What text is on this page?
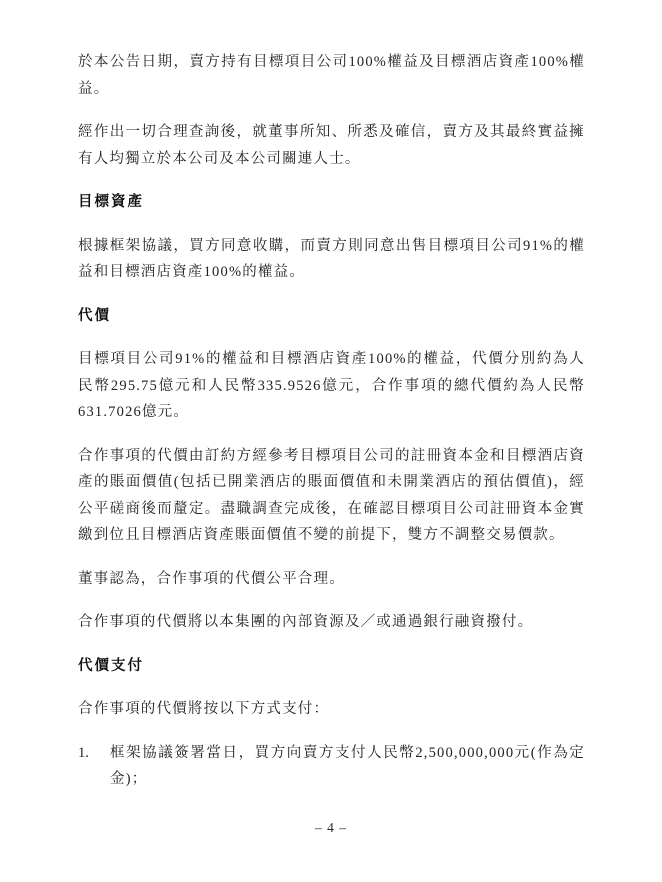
於本公告日期，賣方持有目標項目公司100%權益及目標酒店資產100%權益。

經作出一切合理查詢後，就董事所知、所悉及確信，賣方及其最終實益擁有人均獨立於本公司及本公司關連人士。

目標資產

根據框架協議，買方同意收購，而賣方則同意出售目標項目公司91%的權益和目標酒店資產100%的權益。

代價

目標項目公司91%的權益和目標酒店資產100%的權益，代價分別約為人民幣295.75億元和人民幣335.9526億元，合作事項的總代價約為人民幣631.7026億元。

合作事項的代價由訂約方經參考目標項目公司的註冊資本金和目標酒店資產的賬面價值(包括已開業酒店的賬面價值和未開業酒店的預估價值)，經公平磋商後而釐定。盡職調查完成後，在確認目標項目公司註冊資本金實繳到位且目標酒店資產賬面價值不變的前提下，雙方不調整交易價款。

董事認為，合作事項的代價公平合理。

合作事項的代價將以本集團的內部資源及／或通過銀行融資撥付。

代價支付

合作事項的代價將按以下方式支付：

1.	框架協議簽署當日，買方向賣方支付人民幣2,500,000,000元(作為定金)；
– 4 –
